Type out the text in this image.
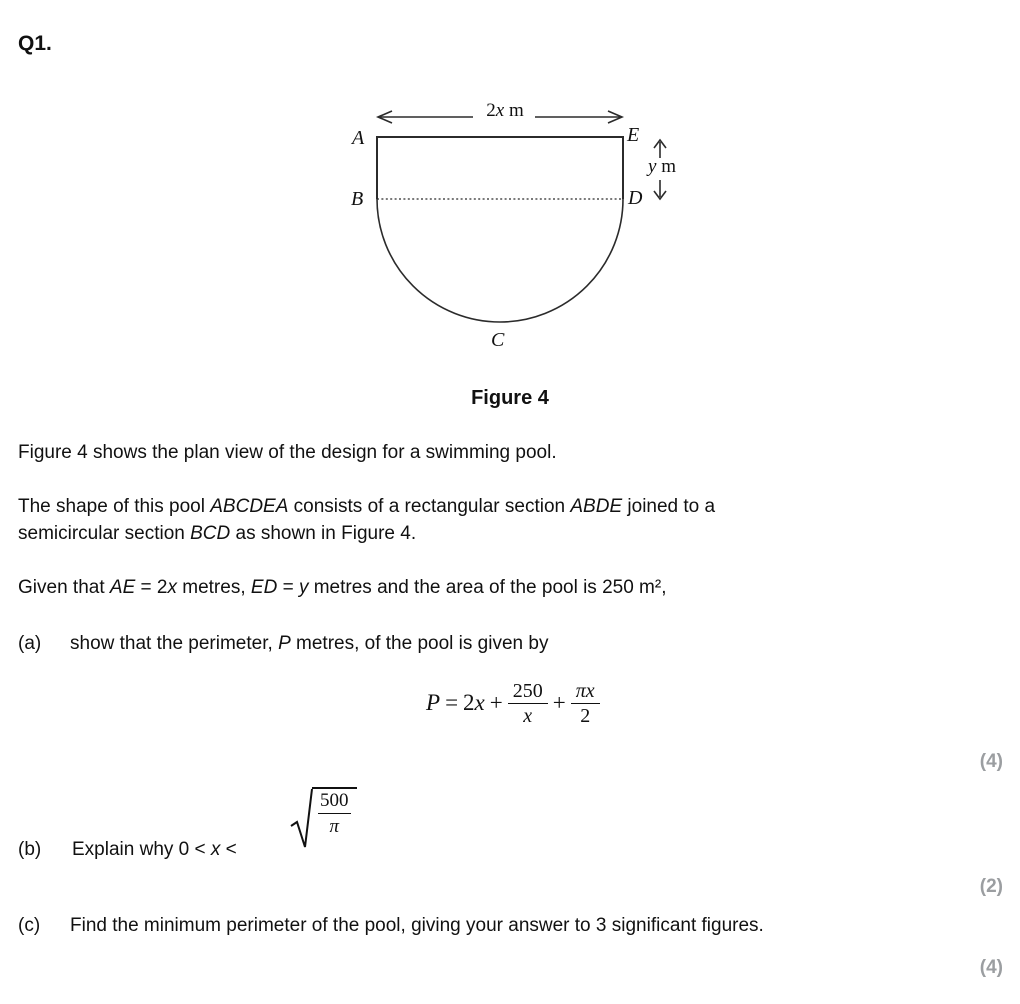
Q1.
A	E
B	D
C
2x m
y m
Figure 4
Figure 4 shows the plan view of the design for a swimming pool.
The shape of this pool ABCDEA consists of a rectangular section ABDE joined to a
semicircular section BCD as shown in Figure 4.
Given that AE = 2x metres, ED = y metres and the area of the pool is 250 m²,
(a) show that the perimeter, P metres, of the pool is given by
P = 2 $x + \frac{250}{x} + \frac{\pi x}{2}$
(4)
(b) Explain why 0 < x <
$\frac{500}{\pi}$
(2)
(c) Find the minimum perimeter of the pool, giving your answer to 3 significant figures.
(4)
